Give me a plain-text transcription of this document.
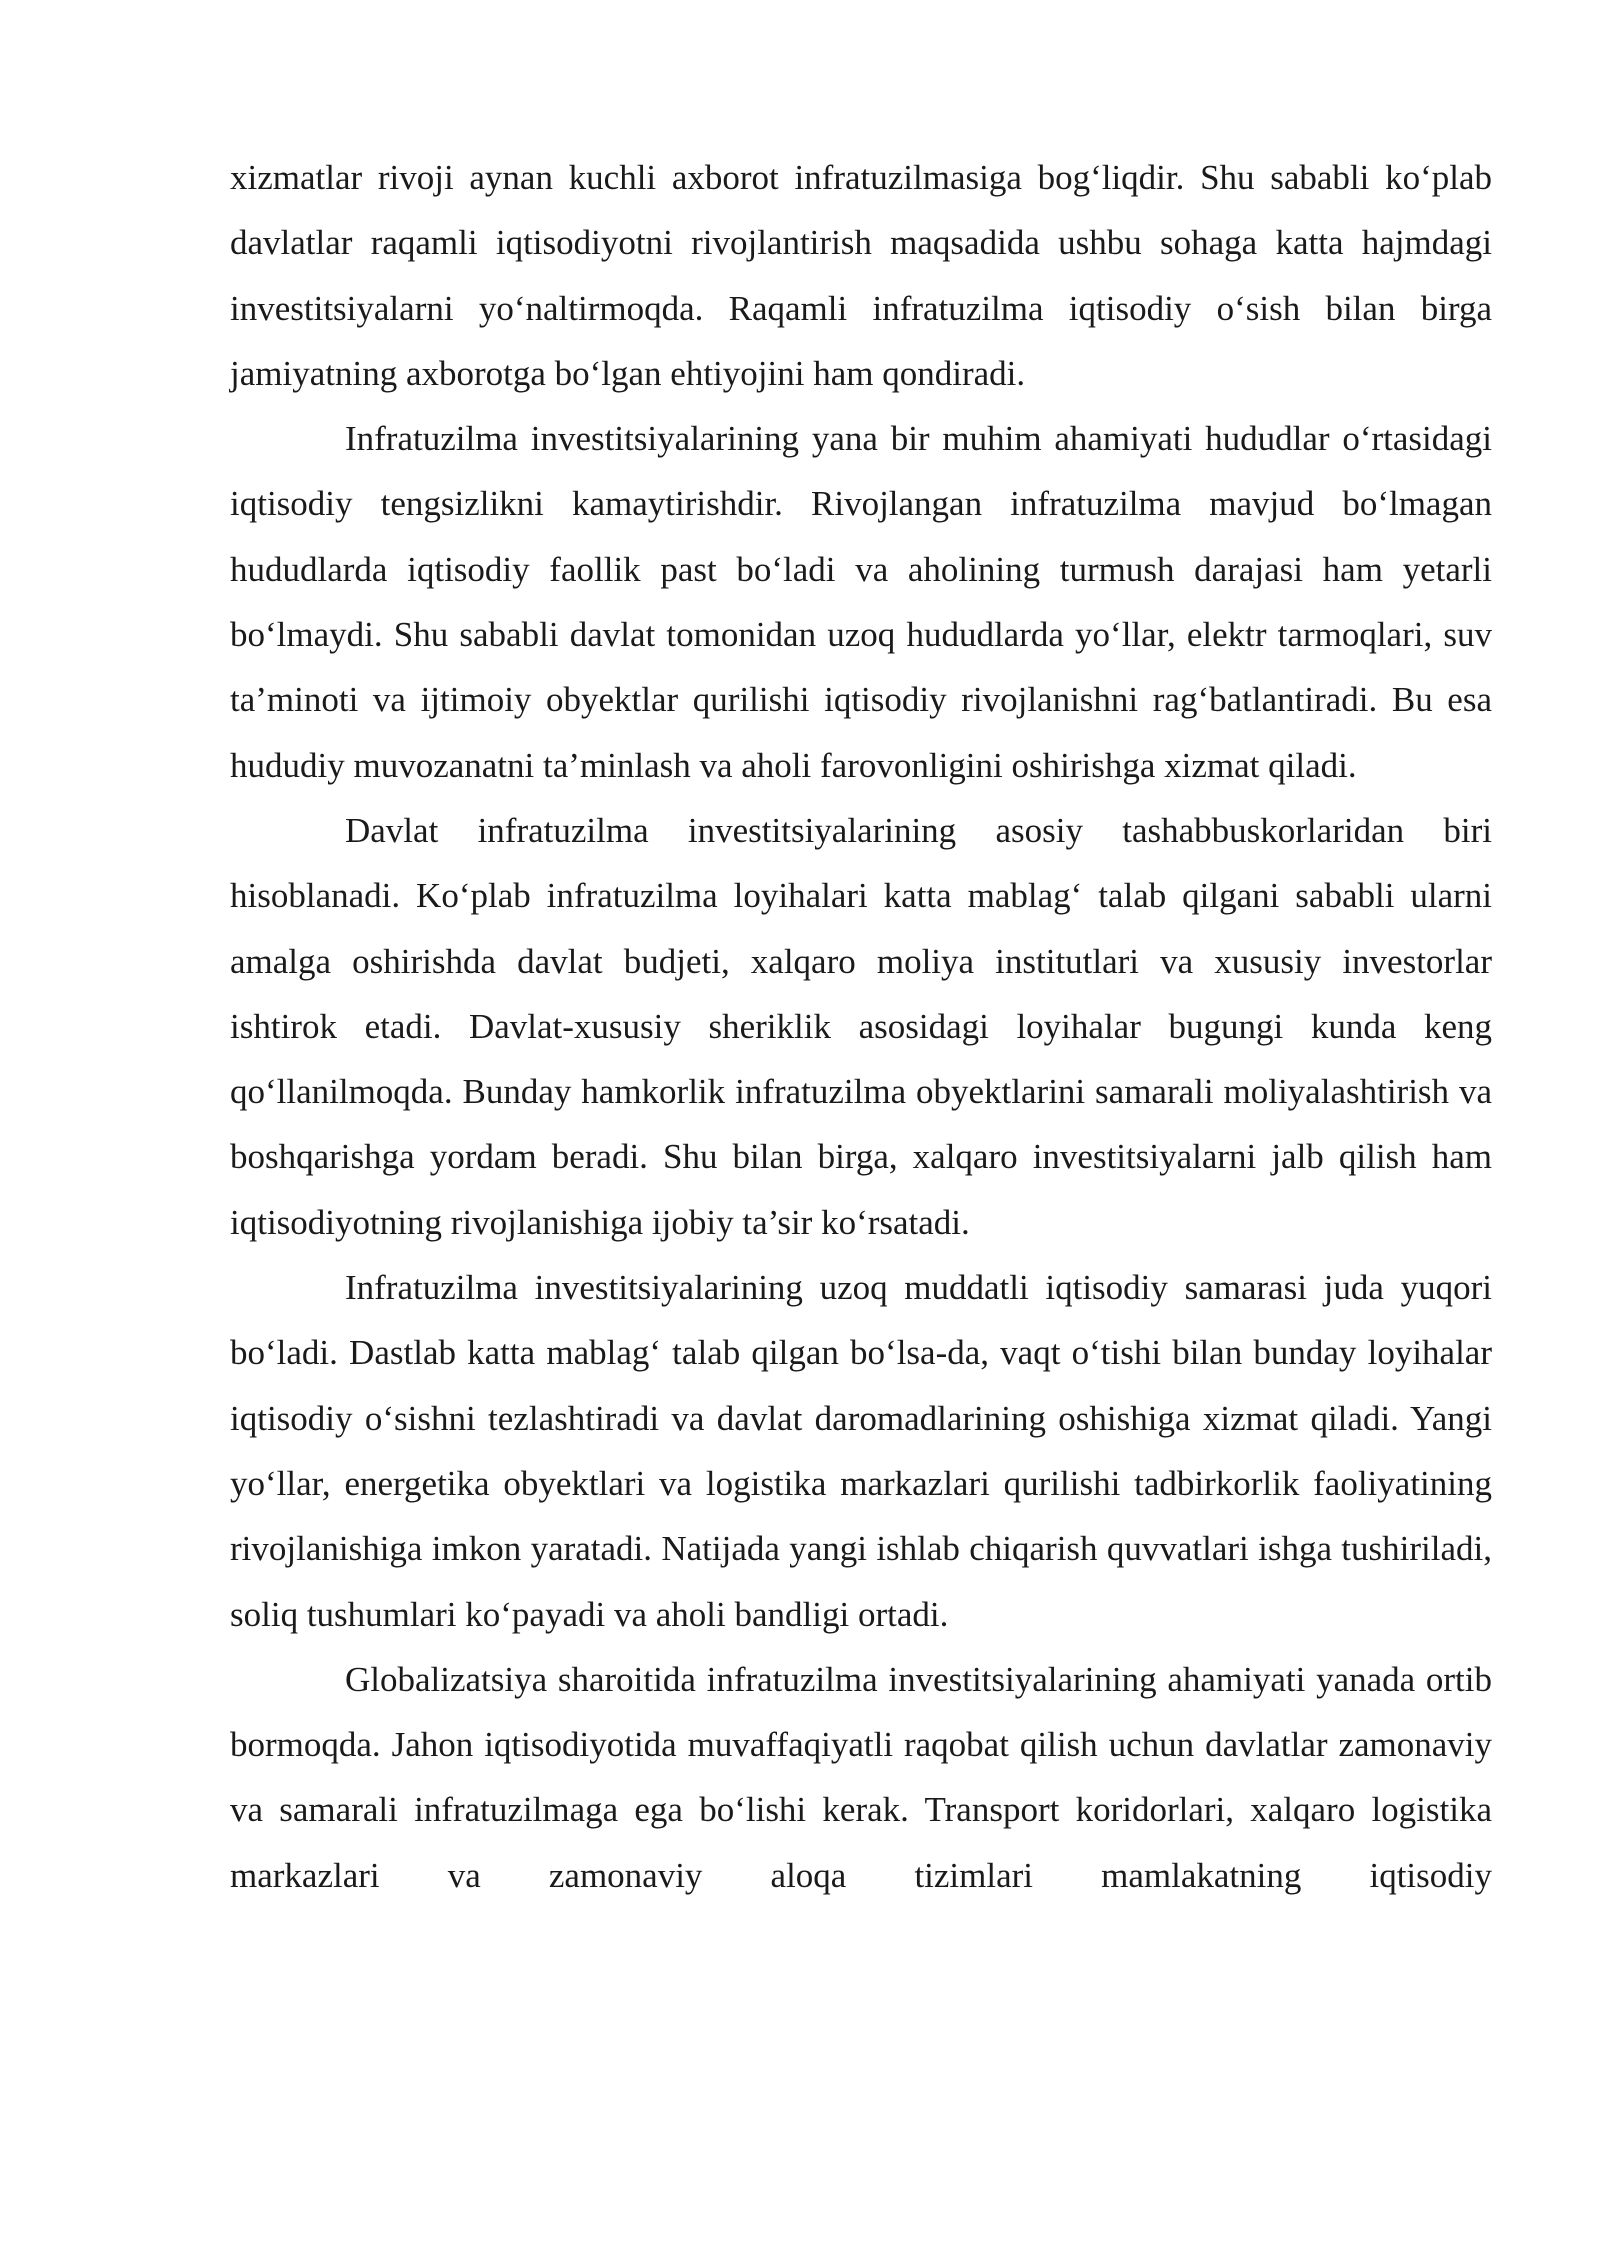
xizmatlar rivoji aynan kuchli axborot infratuzilmasiga bog‘liqdir. Shu sababli ko‘plab davlatlar raqamli iqtisodiyotni rivojlantirish maqsadida ushbu sohaga katta hajmdagi investitsiyalarni yo‘naltirmoqda. Raqamli infratuzilma iqtisodiy o‘sish bilan birga jamiyatning axborotga bo‘lgan ehtiyojini ham qondiradi.

Infratuzilma investitsiyalarining yana bir muhim ahamiyati hududlar o‘rtasidagi iqtisodiy tengsizlikni kamaytirishdir. Rivojlangan infratuzilma mavjud bo‘lmagan hududlarda iqtisodiy faollik past bo‘ladi va aholining turmush darajasi ham yetarli bo‘lmaydi. Shu sababli davlat tomonidan uzoq hududlarda yo‘llar, elektr tarmoqlari, suv ta’minoti va ijtimoiy obyektlar qurilishi iqtisodiy rivojlanishni rag‘batlantiradi. Bu esa hududiy muvozanatni ta’minlash va aholi farovonligini oshirishga xizmat qiladi.

Davlat infratuzilma investitsiyalarining asosiy tashabbuskorlaridan biri hisoblanadi. Ko‘plab infratuzilma loyihalari katta mablag‘ talab qilgani sababli ularni amalga oshirishda davlat budjeti, xalqaro moliya institutlari va xususiy investorlar ishtirok etadi. Davlat-xususiy sheriklik asosidagi loyihalar bugungi kunda keng qo‘llanilmoqda. Bunday hamkorlik infratuzilma obyektlarini samarali moliyalashtirish va boshqarishga yordam beradi. Shu bilan birga, xalqaro investitsiyalarni jalb qilish ham iqtisodiyotning rivojlanishiga ijobiy ta’sir ko‘rsatadi.

Infratuzilma investitsiyalarining uzoq muddatli iqtisodiy samarasi juda yuqori bo‘ladi. Dastlab katta mablag‘ talab qilgan bo‘lsa-da, vaqt o‘tishi bilan bunday loyihalar iqtisodiy o‘sishni tezlashtiradi va davlat daromadlarining oshishiga xizmat qiladi. Yangi yo‘llar, energetika obyektlari va logistika markazlari qurilishi tadbirkorlik faoliyatining rivojlanishiga imkon yaratadi. Natijada yangi ishlab chiqarish quvvatlari ishga tushiriladi, soliq tushumlari ko‘payadi va aholi bandligi ortadi.

Globalizatsiya sharoitida infratuzilma investitsiyalarining ahamiyati yanada ortib bormoqda. Jahon iqtisodiyotida muvaffaqiyatli raqobat qilish uchun davlatlar zamonaviy va samarali infratuzilmaga ega bo‘lishi kerak. Transport koridorlari, xalqaro logistika markazlari va zamonaviy aloqa tizimlari mamlakatning iqtisodiy
